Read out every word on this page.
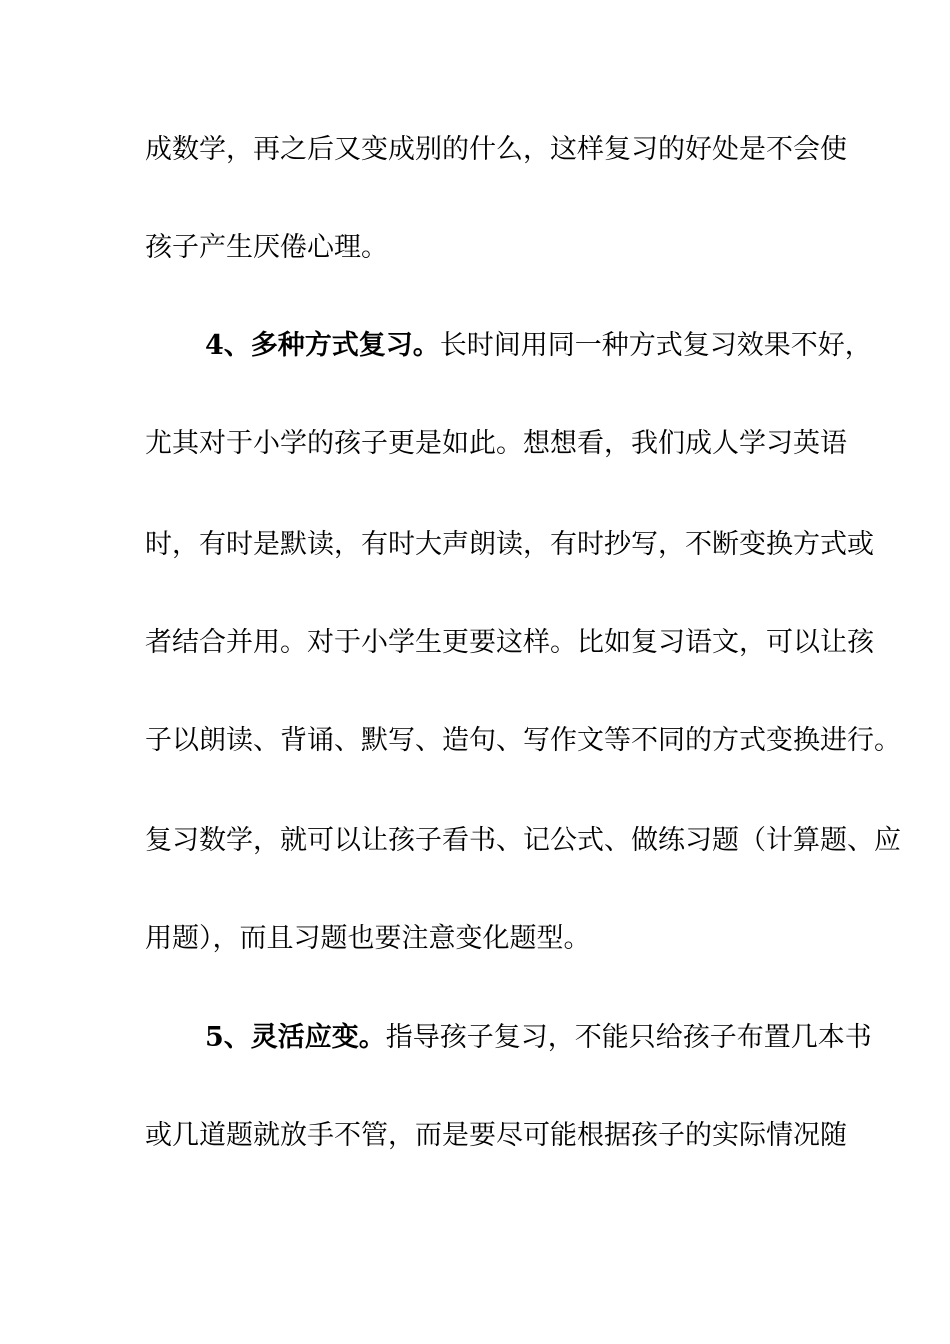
成数学，再之后又变成别的什么，这样复习的好处是不会使
孩子产生厌倦心理。
4、多种方式复习。长时间用同一种方式复习效果不好，
尤其对于小学的孩子更是如此。想想看，我们成人学习英语
时，有时是默读，有时大声朗读，有时抄写，不断变换方式或
者结合并用。对于小学生更要这样。比如复习语文，可以让孩
子以朗读、背诵、默写、造句、写作文等不同的方式变换进行。
复习数学，就可以让孩子看书、记公式、做练习题（计算题、应
用题），而且习题也要注意变化题型。
5、灵活应变。指导孩子复习，不能只给孩子布置几本书
或几道题就放手不管，而是要尽可能根据孩子的实际情况随
